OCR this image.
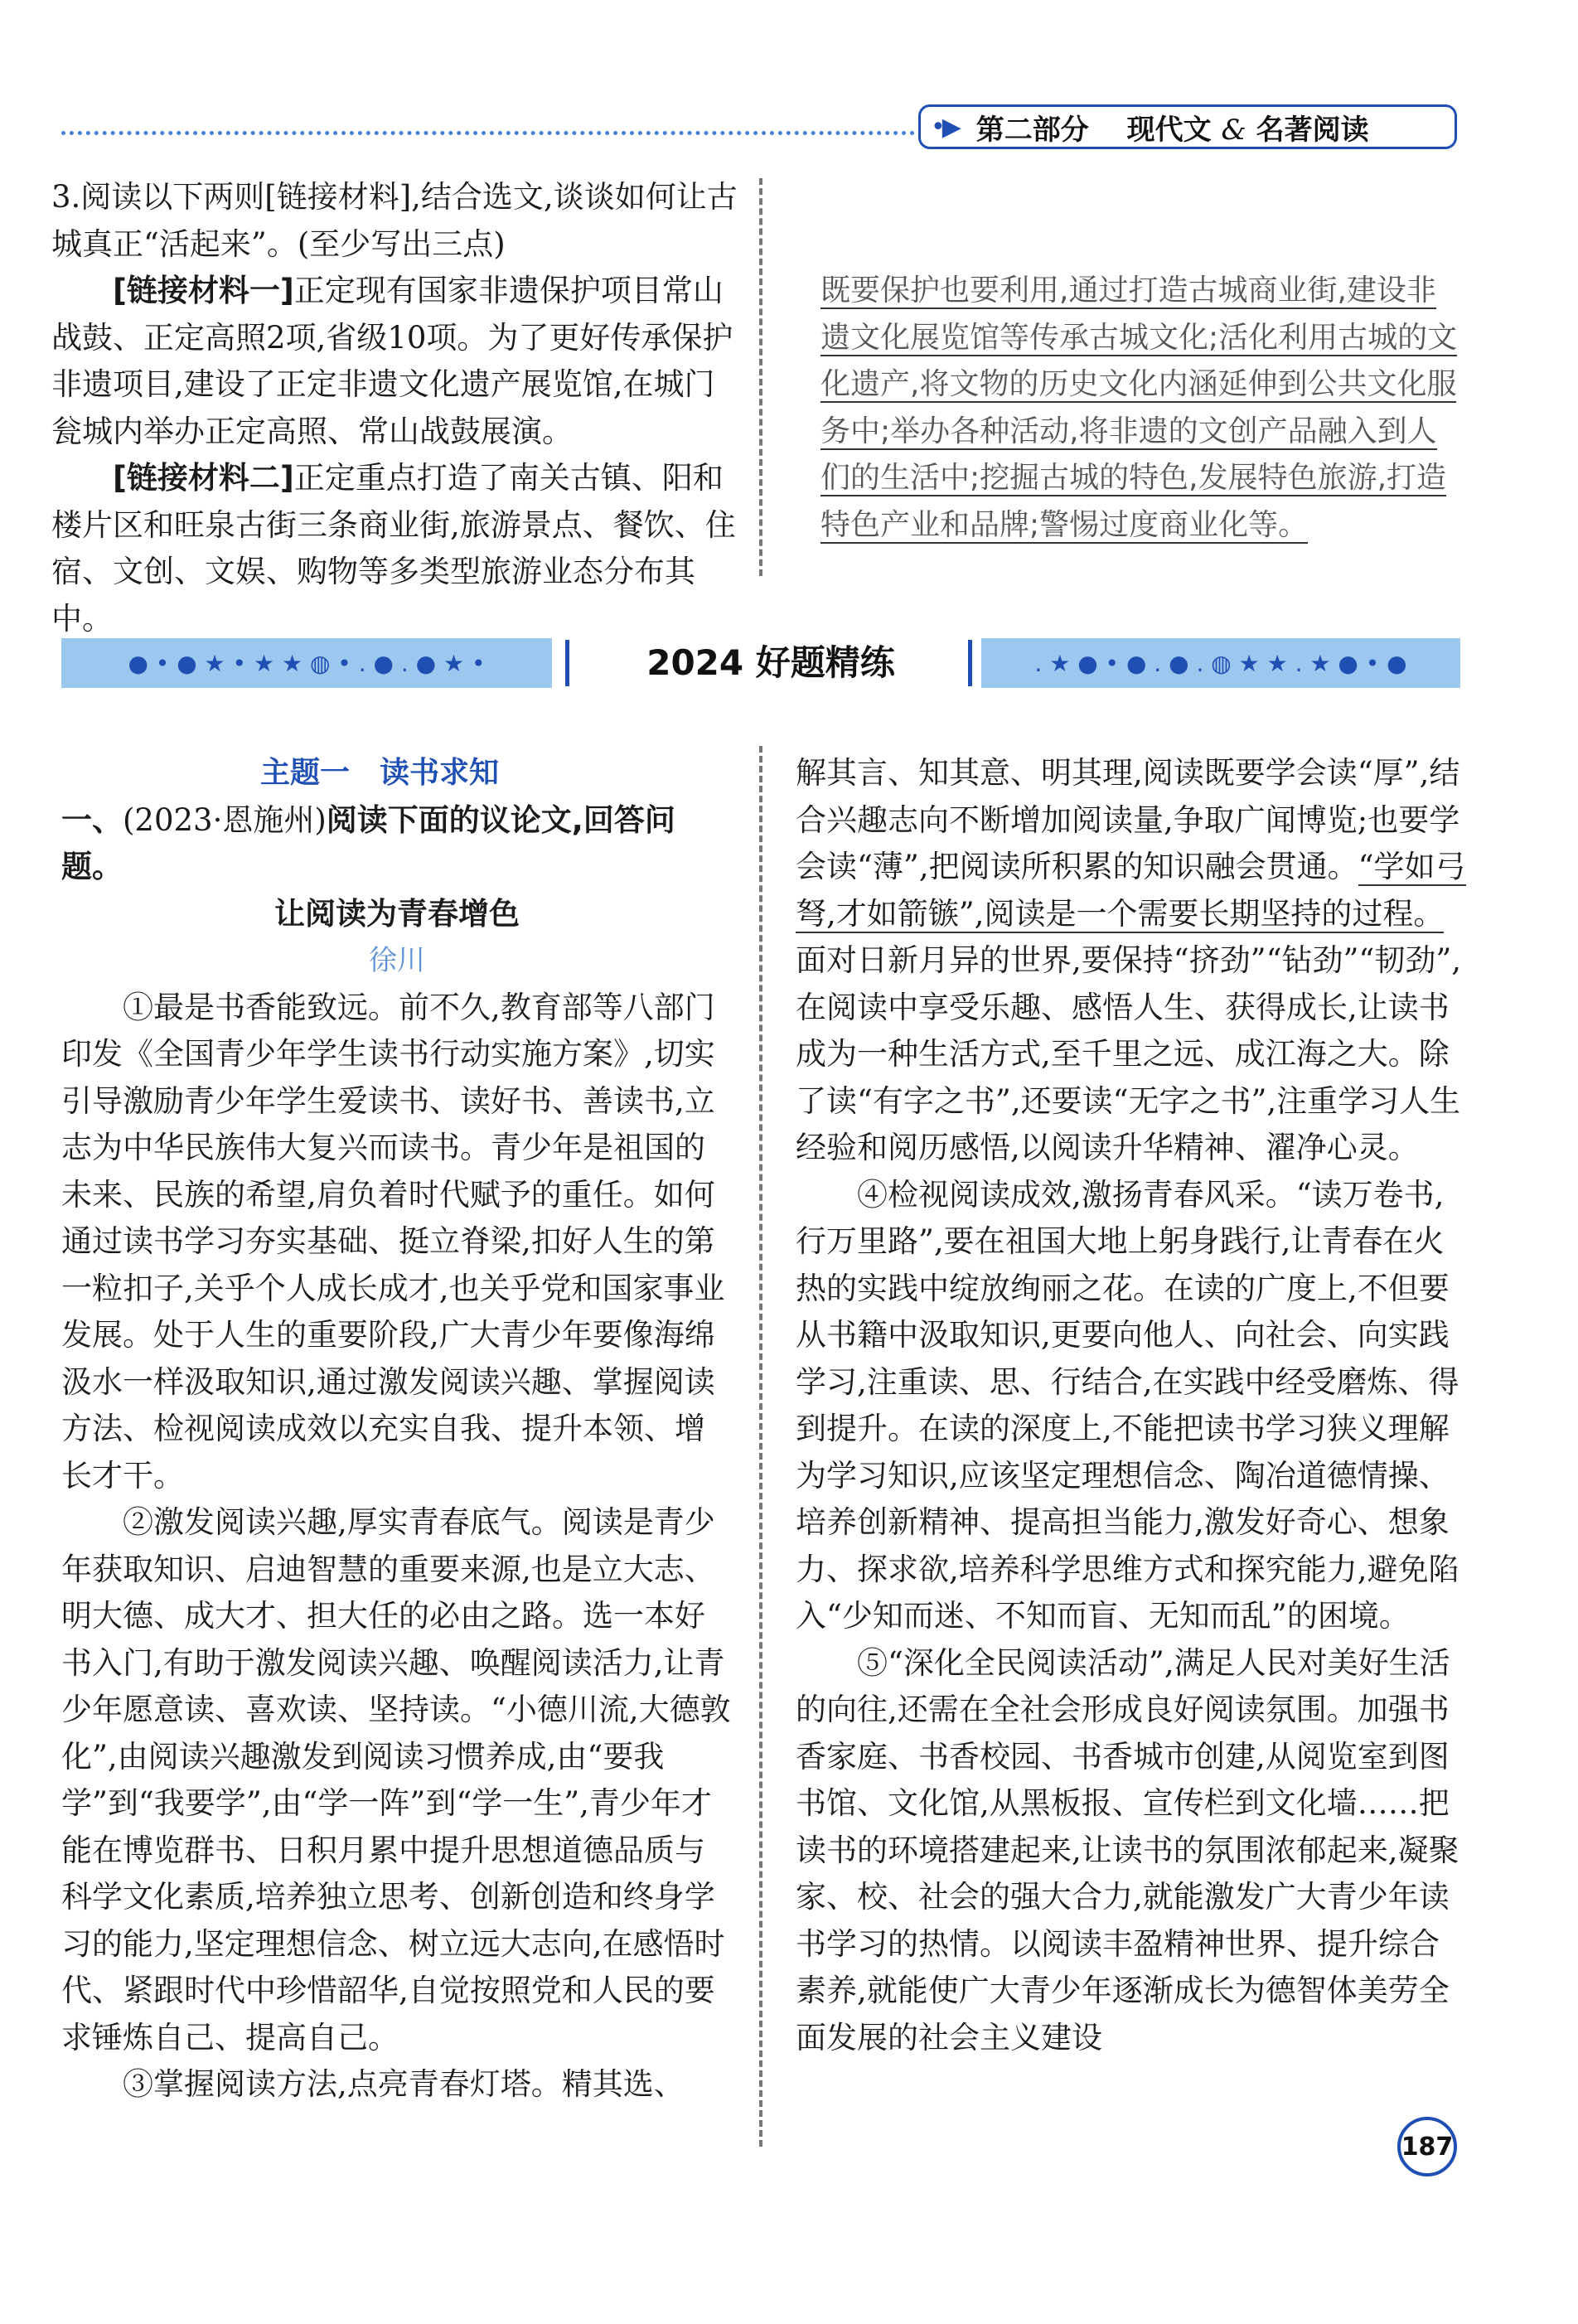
•▶ 第二部分　 现代文 & 名著阅读

3.阅读以下两则[链接材料],结合选文,谈谈如何让古城真正“活起来”。(至少写出三点)

[链接材料一]正定现有国家非遗保护项目常山战鼓、正定高照2项,省级10项。为了更好传承保护非遗项目,建设了正定非遗文化遗产展览馆,在城门瓮城内举办正定高照、常山战鼓展演。

[链接材料二]正定重点打造了南关古镇、阳和楼片区和旺泉古街三条商业街,旅游景点、餐饮、住宿、文创、文娱、购物等多类型旅游业态分布其中。

既要保护也要利用,通过打造古城商业街,建设非遗文化展览馆等传承古城文化;活化利用古城的文化遗产,将文物的历史文化内涵延伸到公共文化服务中;举办各种活动,将非遗的文创产品融入到人们的生活中;挖掘古城的特色,发展特色旅游,打造特色产业和品牌;警惕过度商业化等。
● • ● ★ • ★ ★ ◍ • . ● . ● ★ •	2024 好题精练	. ★ ● • ● . ● . ◍ ★ ★ . ★ ● • ●

主题一　读书求知

一、(2023·恩施州)阅读下面的议论文,回答问题。

让阅读为青春增色

徐川

①最是书香能致远。前不久,教育部等八部门印发《全国青少年学生读书行动实施方案》,切实引导激励青少年学生爱读书、读好书、善读书,立志为中华民族伟大复兴而读书。青少年是祖国的未来、民族的希望,肩负着时代赋予的重任。如何通过读书学习夯实基础、挺立脊梁,扣好人生的第一粒扣子,关乎个人成长成才,也关乎党和国家事业发展。处于人生的重要阶段,广大青少年要像海绵汲水一样汲取知识,通过激发阅读兴趣、掌握阅读方法、检视阅读成效以充实自我、提升本领、增长才干。

②激发阅读兴趣,厚实青春底气。阅读是青少年获取知识、启迪智慧的重要来源,也是立大志、明大德、成大才、担大任的必由之路。选一本好书入门,有助于激发阅读兴趣、唤醒阅读活力,让青少年愿意读、喜欢读、坚持读。“小德川流,大德敦化”,由阅读兴趣激发到阅读习惯养成,由“要我学”到“我要学”,由“学一阵”到“学一生”,青少年才能在博览群书、日积月累中提升思想道德品质与科学文化素质,培养独立思考、创新创造和终身学习的能力,坚定理想信念、树立远大志向,在感悟时代、紧跟时代中珍惜韶华,自觉按照党和人民的要求锤炼自己、提高自己。

③掌握阅读方法,点亮青春灯塔。精其选、

解其言、知其意、明其理,阅读既要学会读“厚”,结合兴趣志向不断增加阅读量,争取广闻博览;也要学会读“薄”,把阅读所积累的知识融会贯通。“学如弓弩,才如箭镞”,阅读是一个需要长期坚持的过程。面对日新月异的世界,要保持“挤劲”“钻劲”“韧劲”,在阅读中享受乐趣、感悟人生、获得成长,让读书成为一种生活方式,至千里之远、成江海之大。除了读“有字之书”,还要读“无字之书”,注重学习人生经验和阅历感悟,以阅读升华精神、濯净心灵。

④检视阅读成效,激扬青春风采。“读万卷书,行万里路”,要在祖国大地上躬身践行,让青春在火热的实践中绽放绚丽之花。在读的广度上,不但要从书籍中汲取知识,更要向他人、向社会、向实践学习,注重读、思、行结合,在实践中经受磨炼、得到提升。在读的深度上,不能把读书学习狭义理解为学习知识,应该坚定理想信念、陶冶道德情操、培养创新精神、提高担当能力,激发好奇心、想象力、探求欲,培养科学思维方式和探究能力,避免陷入“少知而迷、不知而盲、无知而乱”的困境。

⑤“深化全民阅读活动”,满足人民对美好生活的向往,还需在全社会形成良好阅读氛围。加强书香家庭、书香校园、书香城市创建,从阅览室到图书馆、文化馆,从黑板报、宣传栏到文化墙……把读书的环境搭建起来,让读书的氛围浓郁起来,凝聚家、校、社会的强大合力,就能激发广大青少年读书学习的热情。以阅读丰盈精神世界、提升综合素养,就能使广大青少年逐渐成长为德智体美劳全面发展的社会主义建设

187
